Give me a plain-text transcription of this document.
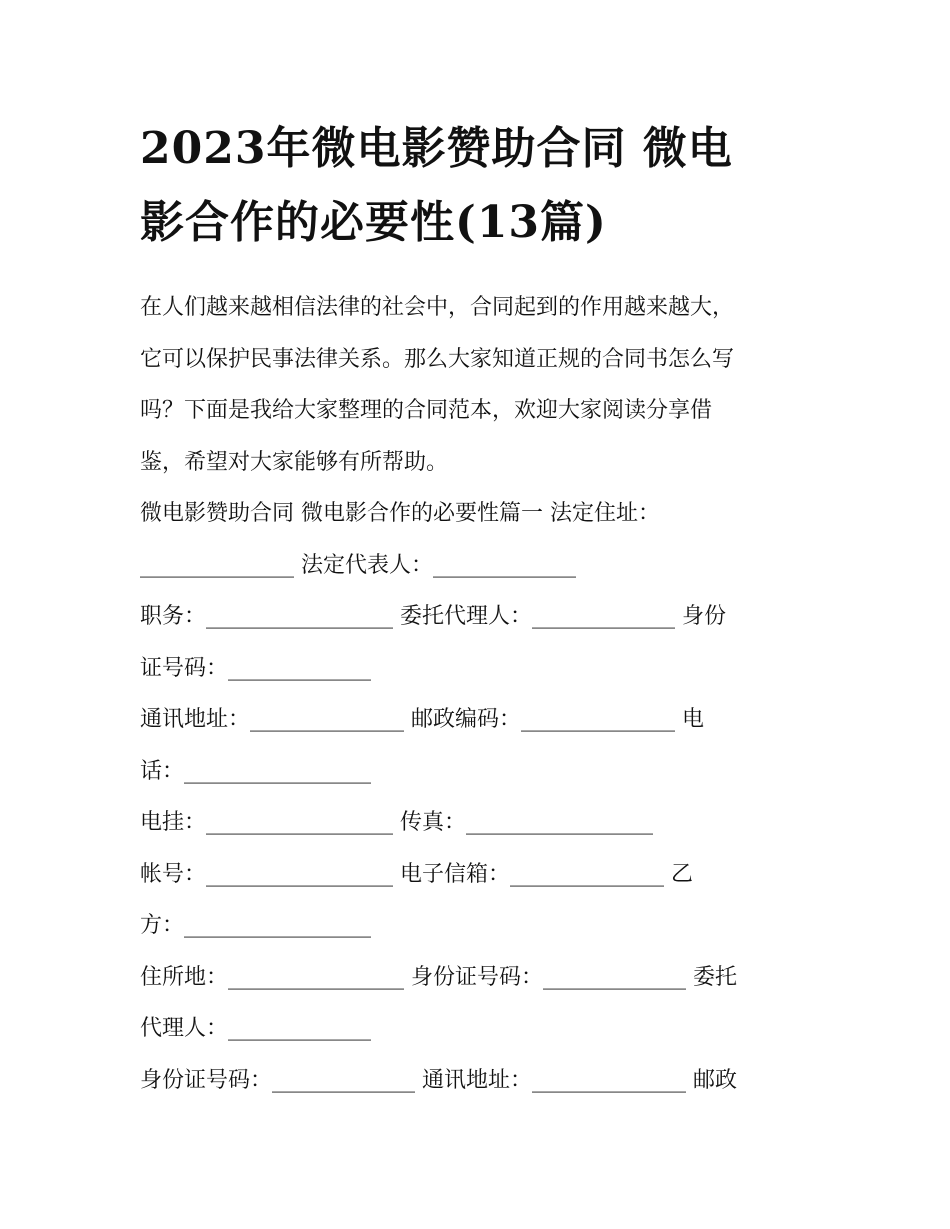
2023年微电影赞助合同 微电
影合作的必要性(13篇)
在人们越来越相信法律的社会中，合同起到的作用越来越大，
它可以保护民事法律关系。那么大家知道正规的合同书怎么写
吗？下面是我给大家整理的合同范本，欢迎大家阅读分享借
鉴，希望对大家能够有所帮助。
微电影赞助合同 微电影合作的必要性篇一 法定住址：
______________ 法定代表人：_____________
职务：_________________ 委托代理人：_____________ 身份
证号码：_____________
通讯地址：______________ 邮政编码：______________ 电
话：_________________
电挂：_________________ 传真：_________________
帐号：_________________ 电子信箱：______________ 乙
方：_________________
住所地：________________ 身份证号码：_____________ 委托
代理人：_____________
身份证号码：_____________ 通讯地址：______________ 邮政
